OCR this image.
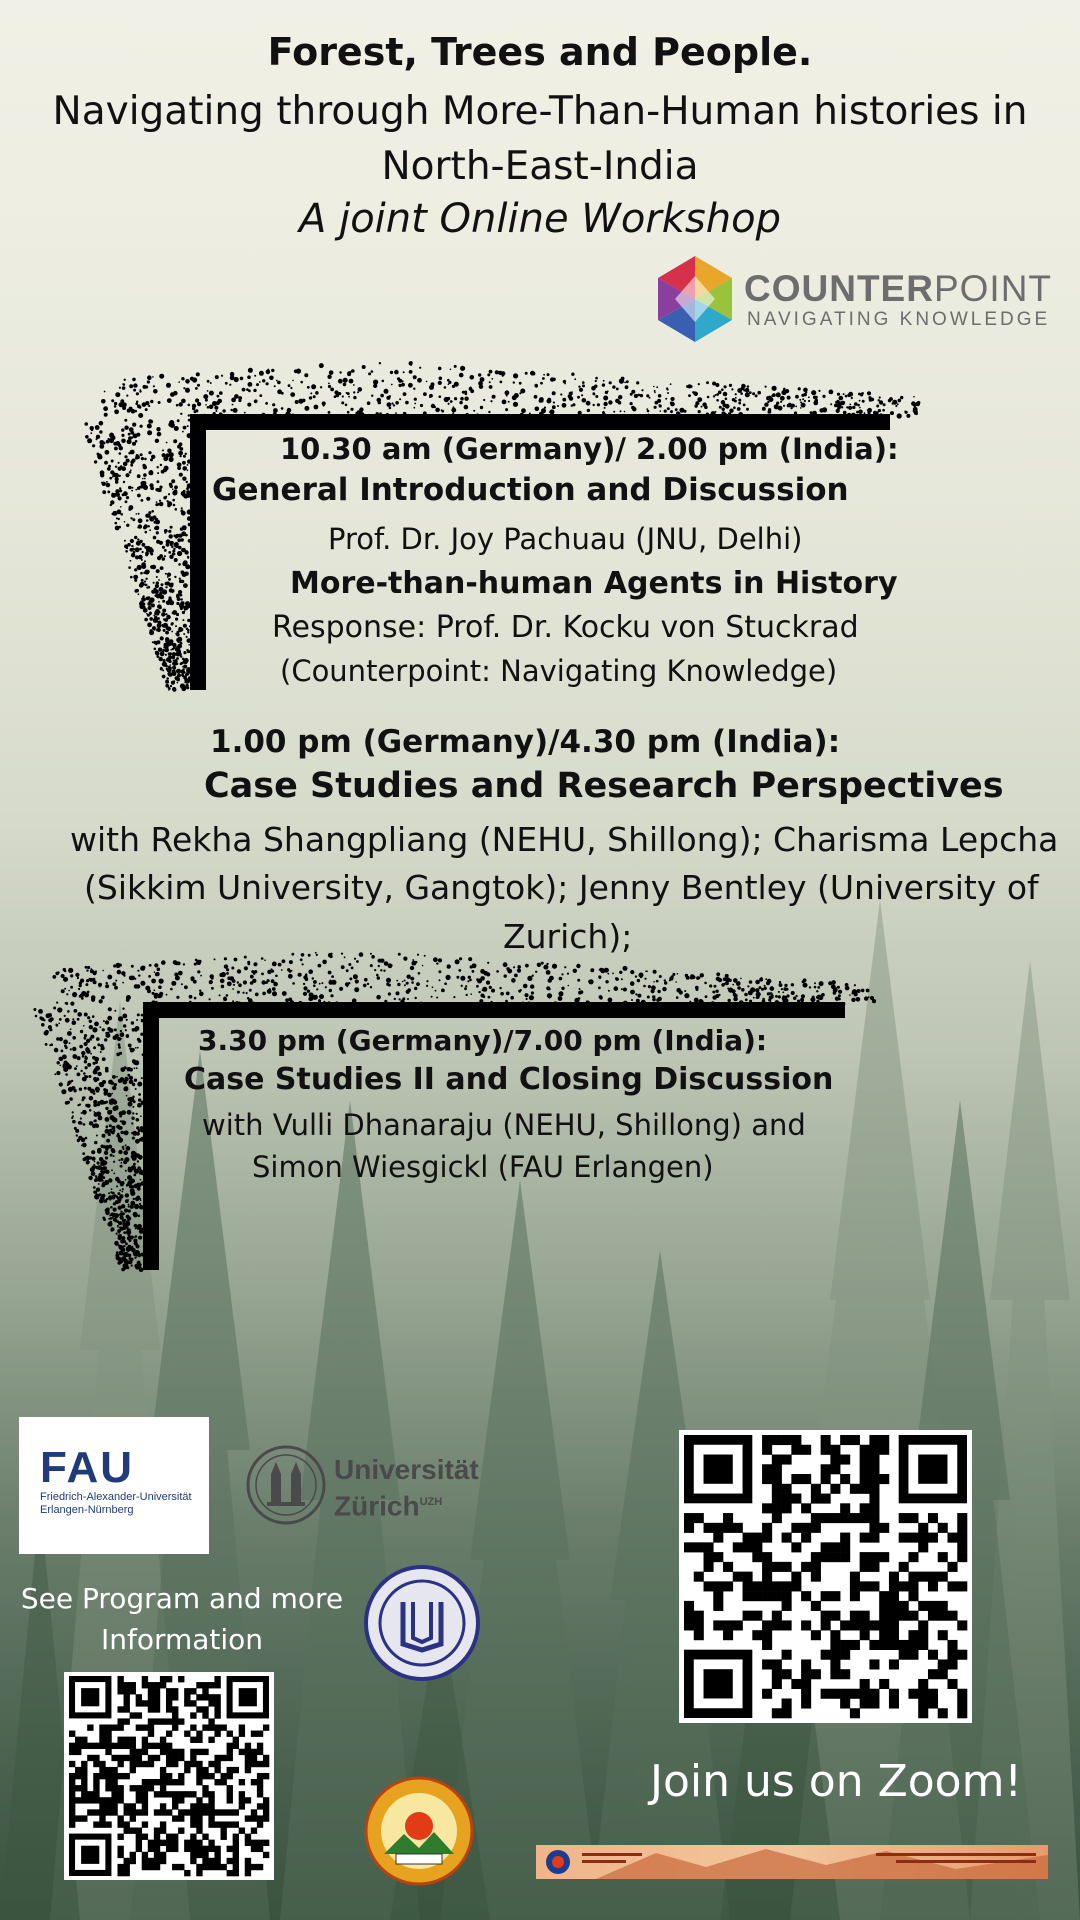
Forest, Trees and People.
Navigating through More-Than-Human histories in
North-East-India
A joint Online Workshop
COUNTERPOINT
NAVIGATING KNOWLEDGE
10.30 am (Germany)/ 2.00 pm (India):
General Introduction and Discussion
Prof. Dr. Joy Pachuau (JNU, Delhi)
More-than-human Agents in History
Response: Prof. Dr. Kocku von Stuckrad
(Counterpoint: Navigating Knowledge)
1.00 pm (Germany)/4.30 pm (India):
Case Studies and Research Perspectives
with Rekha Shangpliang (NEHU, Shillong); Charisma Lepcha
(Sikkim University, Gangtok); Jenny Bentley (University of
Zurich);
3.30 pm (Germany)/7.00 pm (India):
Case Studies II and Closing Discussion
with Vulli Dhanaraju (NEHU, Shillong) and
Simon Wiesgickl (FAU Erlangen)
FAU
Friedrich-Alexander-Universität Erlangen-Nürnberg
Universität
Zürich$^{UZH}$
See Program and more Information
Join us on Zoom!
